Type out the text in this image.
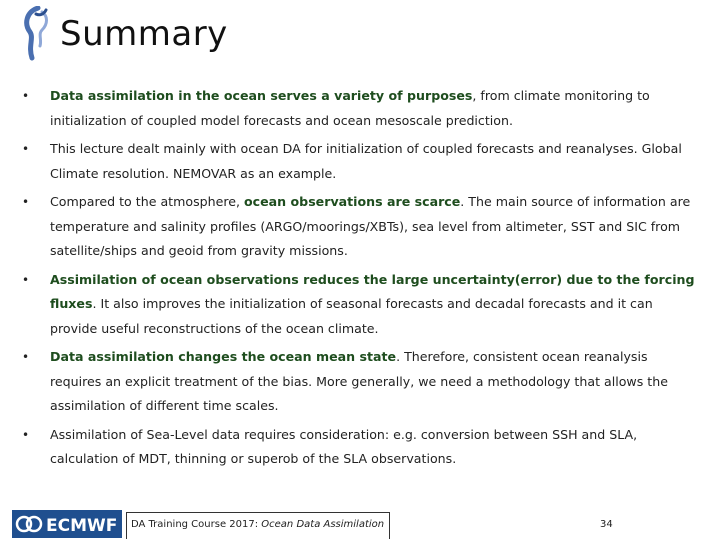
Summary
• Data assimilation in the ocean serves a variety of purposes, from climate monitoring to initialization of coupled model forecasts and ocean mesoscale prediction.
• This lecture dealt mainly with ocean DA for initialization of coupled forecasts and reanalyses. Global Climate resolution. NEMOVAR as an example.
• Compared to the atmosphere, ocean observations are scarce. The main source of information are temperature and salinity profiles (ARGO/moorings/XBTs), sea level from altimeter, SST and SIC from satellite/ships and geoid from gravity missions.
• Assimilation of ocean observations reduces the large uncertainty(error) due to the forcing fluxes. It also improves the initialization of seasonal forecasts and decadal forecasts and it can provide useful reconstructions of the ocean climate.
• Data assimilation changes the ocean mean state. Therefore, consistent ocean reanalysis requires an explicit treatment of the bias. More generally, we need a methodology that allows the assimilation of different time scales.
• Assimilation of Sea-Level data requires consideration: e.g. conversion between SSH and SLA, calculation of MDT, thinning or superob of the SLA observations.
ECMWF DA Training Course 2017: Ocean Data Assimilation	34
